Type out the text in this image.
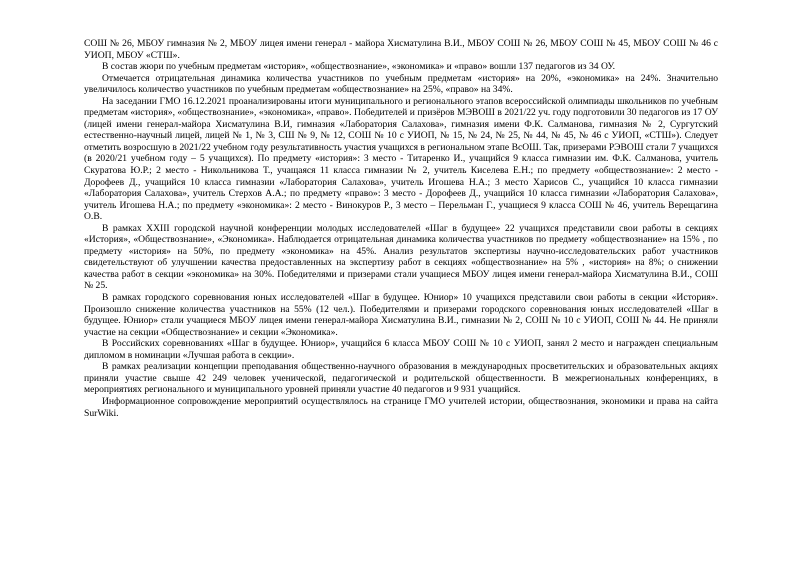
СОШ № 26, МБОУ гимназия № 2, МБОУ лицея имени генерал - майора Хисматулина В.И., МБОУ СОШ № 26, МБОУ СОШ № 45, МБОУ СОШ № 46 с УИОП, МБОУ «СТШ».

В состав жюри по учебным предметам «история», «обществознание», «экономика» и «право» вошли 137 педагогов из 34 ОУ.

Отмечается отрицательная динамика количества участников по учебным предметам «история» на 20%, «экономика» на 24%. Значительно увеличилось количество участников по учебным предметам «обществознание» на 25%, «право» на 34%.

На заседании ГМО 16.12.2021 проанализированы итоги муниципального и регионального этапов всероссийской олимпиады школьников по учебным предметам «история», «обществознание», «экономика», «право». Победителей и призёров МЭВОШ в 2021/22 уч. году подготовили 30 педагогов из 17 ОУ (лицей имени генерал-майора Хисматулина В.И, гимназия «Лаборатория Салахова», гимназия имени Ф.К. Салманова, гимназия № 2, Сургутский естественно-научный лицей, лицей № 1, № 3, СШ № 9, № 12, СОШ № 10 с УИОП, № 15, № 24, № 25, № 44, № 45, № 46 с УИОП, «СТШ»). Следует отметить возросшую в 2021/22 учебном году результативность участия учащихся в региональном этапе ВсОШ. Так, призерами РЭВОШ стали 7 учащихся (в 2020/21 учебном году – 5 учащихся). По предмету «история»: 3 место - Титаренко И., учащийся 9 класса гимназии им. Ф.К. Салманова, учитель Скуратова Ю.Р.; 2 место - Никольникова Т., учащаяся 11 класса гимназии № 2, учитель Киселева Е.Н.; по предмету «обществознание»: 2 место - Дорофеев Д., учащийся 10 класса гимназии «Лаборатория Салахова», учитель Игошева Н.А.; 3 место Харисов С., учащийся 10 класса гимназии «Лаборатория Салахова», учитель Стерхов А.А.; по предмету «право»: 3 место - Дорофеев Д., учащийся 10 класса гимназии «Лаборатория Салахова», учитель Игошева Н.А.; по предмету «экономика»: 2 место - Винокуров Р., 3 место – Перельман Г., учащиеся 9 класса СОШ № 46, учитель Верещагина О.В.

В рамках XXIII городской научной конференции молодых исследователей «Шаг в будущее» 22 учащихся представили свои работы в секциях «История», «Обществознание», «Экономика». Наблюдается отрицательная динамика количества участников по предмету «обществознание» на 15% , по предмету «история» на 50%, по предмету «экономика» на 45%. Анализ результатов экспертизы научно-исследовательских работ участников свидетельствуют об улучшении качества предоставленных на экспертизу работ в секциях «обществознание» на 5% , «история» на 8%; о снижении качества работ в секции «экономика» на 30%. Победителями и призерами стали учащиеся МБОУ лицея имени генерал-майора Хисматулина В.И., СОШ № 25.

В рамках городского соревнования юных исследователей «Шаг в будущее. Юниор» 10 учащихся представили свои работы в секции «История». Произошло снижение количества участников на 55% (12 чел.). Победителями и призерами городского соревнования юных исследователей «Шаг в будущее. Юниор» стали учащиеся МБОУ лицея имени генерал-майора Хисматулина В.И., гимназии № 2, СОШ № 10 с УИОП, СОШ № 44. Не приняли участие на секции «Обществознание» и секции «Экономика».

В Российских соревнованиях «Шаг в будущее. Юниор», учащийся 6 класса МБОУ СОШ № 10 с УИОП, занял 2 место и награжден специальным дипломом в номинации «Лучшая работа в секции».

В рамках реализации концепции преподавания общественно-научного образования в международных просветительских и образовательных акциях приняли участие свыше 42 249 человек ученической, педагогической и родительской общественности. В межрегиональных конференциях, в мероприятиях регионального и муниципального уровней приняли участие 40 педагогов и 9 931 учащийся.

Информационное сопровождение мероприятий осуществлялось на странице ГМО учителей истории, обществознания, экономики и права на сайта SurWiki.
